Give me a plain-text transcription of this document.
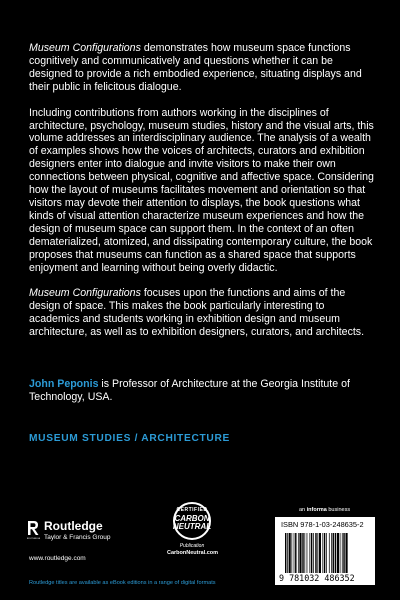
Museum Configurations demonstrates how museum space functions cognitively and communicatively and questions whether it can be designed to provide a rich embodied experience, situating displays and their public in felicitous dialogue.

Including contributions from authors working in the disciplines of architecture, psychology, museum studies, history and the visual arts, this volume addresses an interdisciplinary audience. The analysis of a wealth of examples shows how the voices of architects, curators and exhibition designers enter into dialogue and invite visitors to make their own connections between physical, cognitive and affective space. Considering how the layout of museums facilitates movement and orientation so that visitors may devote their attention to displays, the book questions what kinds of visual attention characterize museum experiences and how the design of museum space can support them. In the context of an often dematerialized, atomized, and dissipating contemporary culture, the book proposes that museums can function as a shared space that supports enjoyment and learning without being overly didactic.

Museum Configurations focuses upon the functions and aims of the design of space. This makes the book particularly interesting to academics and students working in exhibition design and museum architecture, as well as to exhibition designers, curators, and architects.

John Peponis is Professor of Architecture at the Georgia Institute of Technology, USA.
MUSEUM STUDIES / ARCHITECTURE
ROUTLEDGE
Routledge
Taylor & Francis Group
www.routledge.com
CERTIFIED
CARBON
NEUTRAL
Publication
CarbonNeutral.com
an informa business
ISBN 978-1-03-248635-2
9 781032 486352
Routledge titles are available as eBook editions in a range of digital formats
